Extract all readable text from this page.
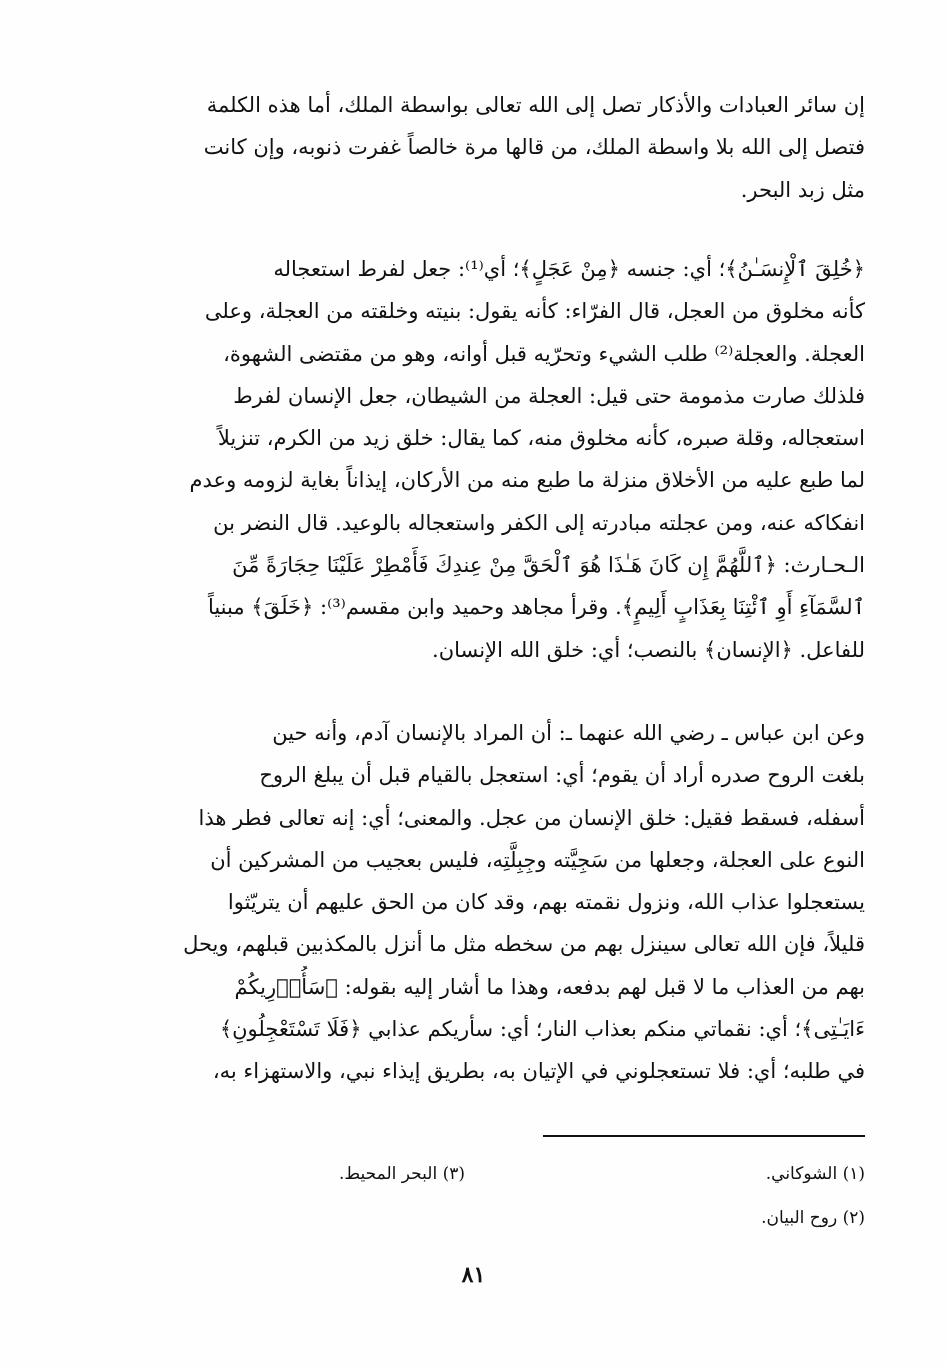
إن سائر العبادات والأذكار تصل إلى الله تعالى بواسطة الملك، أما هذه الكلمة
فتصل إلى الله بلا واسطة الملك، من قالها مرة خالصاً غفرت ذنوبه، وإن كانت
مثل زبد البحر.
﴿خُلِقَ ٱلْإِنسَـٰنُ﴾؛ أي: جنسه ﴿مِنْ عَجَلٍ﴾؛ أي⁽¹⁾: جعل لفرط استعجاله
كأنه مخلوق من العجل، قال الفرّاء: كأنه يقول: بنيته وخلقته من العجلة، وعلى
العجلة. والعجلة⁽²⁾ طلب الشيء وتحرّيه قبل أوانه، وهو من مقتضى الشهوة،
فلذلك صارت مذمومة حتى قيل: العجلة من الشيطان، جعل الإنسان لفرط
استعجاله، وقلة صبره، كأنه مخلوق منه، كما يقال: خلق زيد من الكرم، تنزيلاً
لما طبع عليه من الأخلاق منزلة ما طبع منه من الأركان، إيذاناً بغاية لزومه وعدم
انفكاكه عنه، ومن عجلته مبادرته إلى الكفر واستعجاله بالوعيد. قال النضر بن
الـحـارث: ﴿ٱللَّهُمَّ إِن كَانَ هَـٰذَا هُوَ ٱلْحَقَّ مِنْ عِندِكَ فَأَمْطِرْ عَلَيْنَا حِجَارَةً مِّنَ
ٱلسَّمَآءِ أَوِ ٱئْتِنَا بِعَذَابٍ أَلِيمٍ﴾. وقرأ مجاهد وحميد وابن مقسم⁽³⁾: ﴿خَلَقَ﴾ مبنياً
للفاعل. ﴿الإنسان﴾ بالنصب؛ أي: خلق الله الإنسان.
وعن ابن عباس ـ رضي الله عنهما ـ: أن المراد بالإنسان آدم، وأنه حين
بلغت الروح صدره أراد أن يقوم؛ أي: استعجل بالقيام قبل أن يبلغ الروح
أسفله، فسقط فقيل: خلق الإنسان من عجل. والمعنى؛ أي: إنه تعالى فطر هذا
النوع على العجلة، وجعلها من سَجِيَّته وجِبِلَّتِه، فليس بعجيب من المشركين أن
يستعجلوا عذاب الله، ونزول نقمته بهم، وقد كان من الحق عليهم أن يتريّثوا
قليلاً، فإن الله تعالى سينزل بهم من سخطه مثل ما أنزل بالمكذبين قبلهم، ويحل
بهم من العذاب ما لا قبل لهم بدفعه، وهذا ما أشار إليه بقوله: ﴿سَأُو۟رِيكُمْ
ءَايَـٰتِى﴾؛ أي: نقماتي منكم بعذاب النار؛ أي: سأريكم عذابي ﴿فَلَا تَسْتَعْجِلُونِ﴾
في طلبه؛ أي: فلا تستعجلوني في الإتيان به، بطريق إيذاء نبي، والاستهزاء به،
(١) الشوكاني.
(٣) البحر المحيط.
(٢) روح البيان.
٨١
